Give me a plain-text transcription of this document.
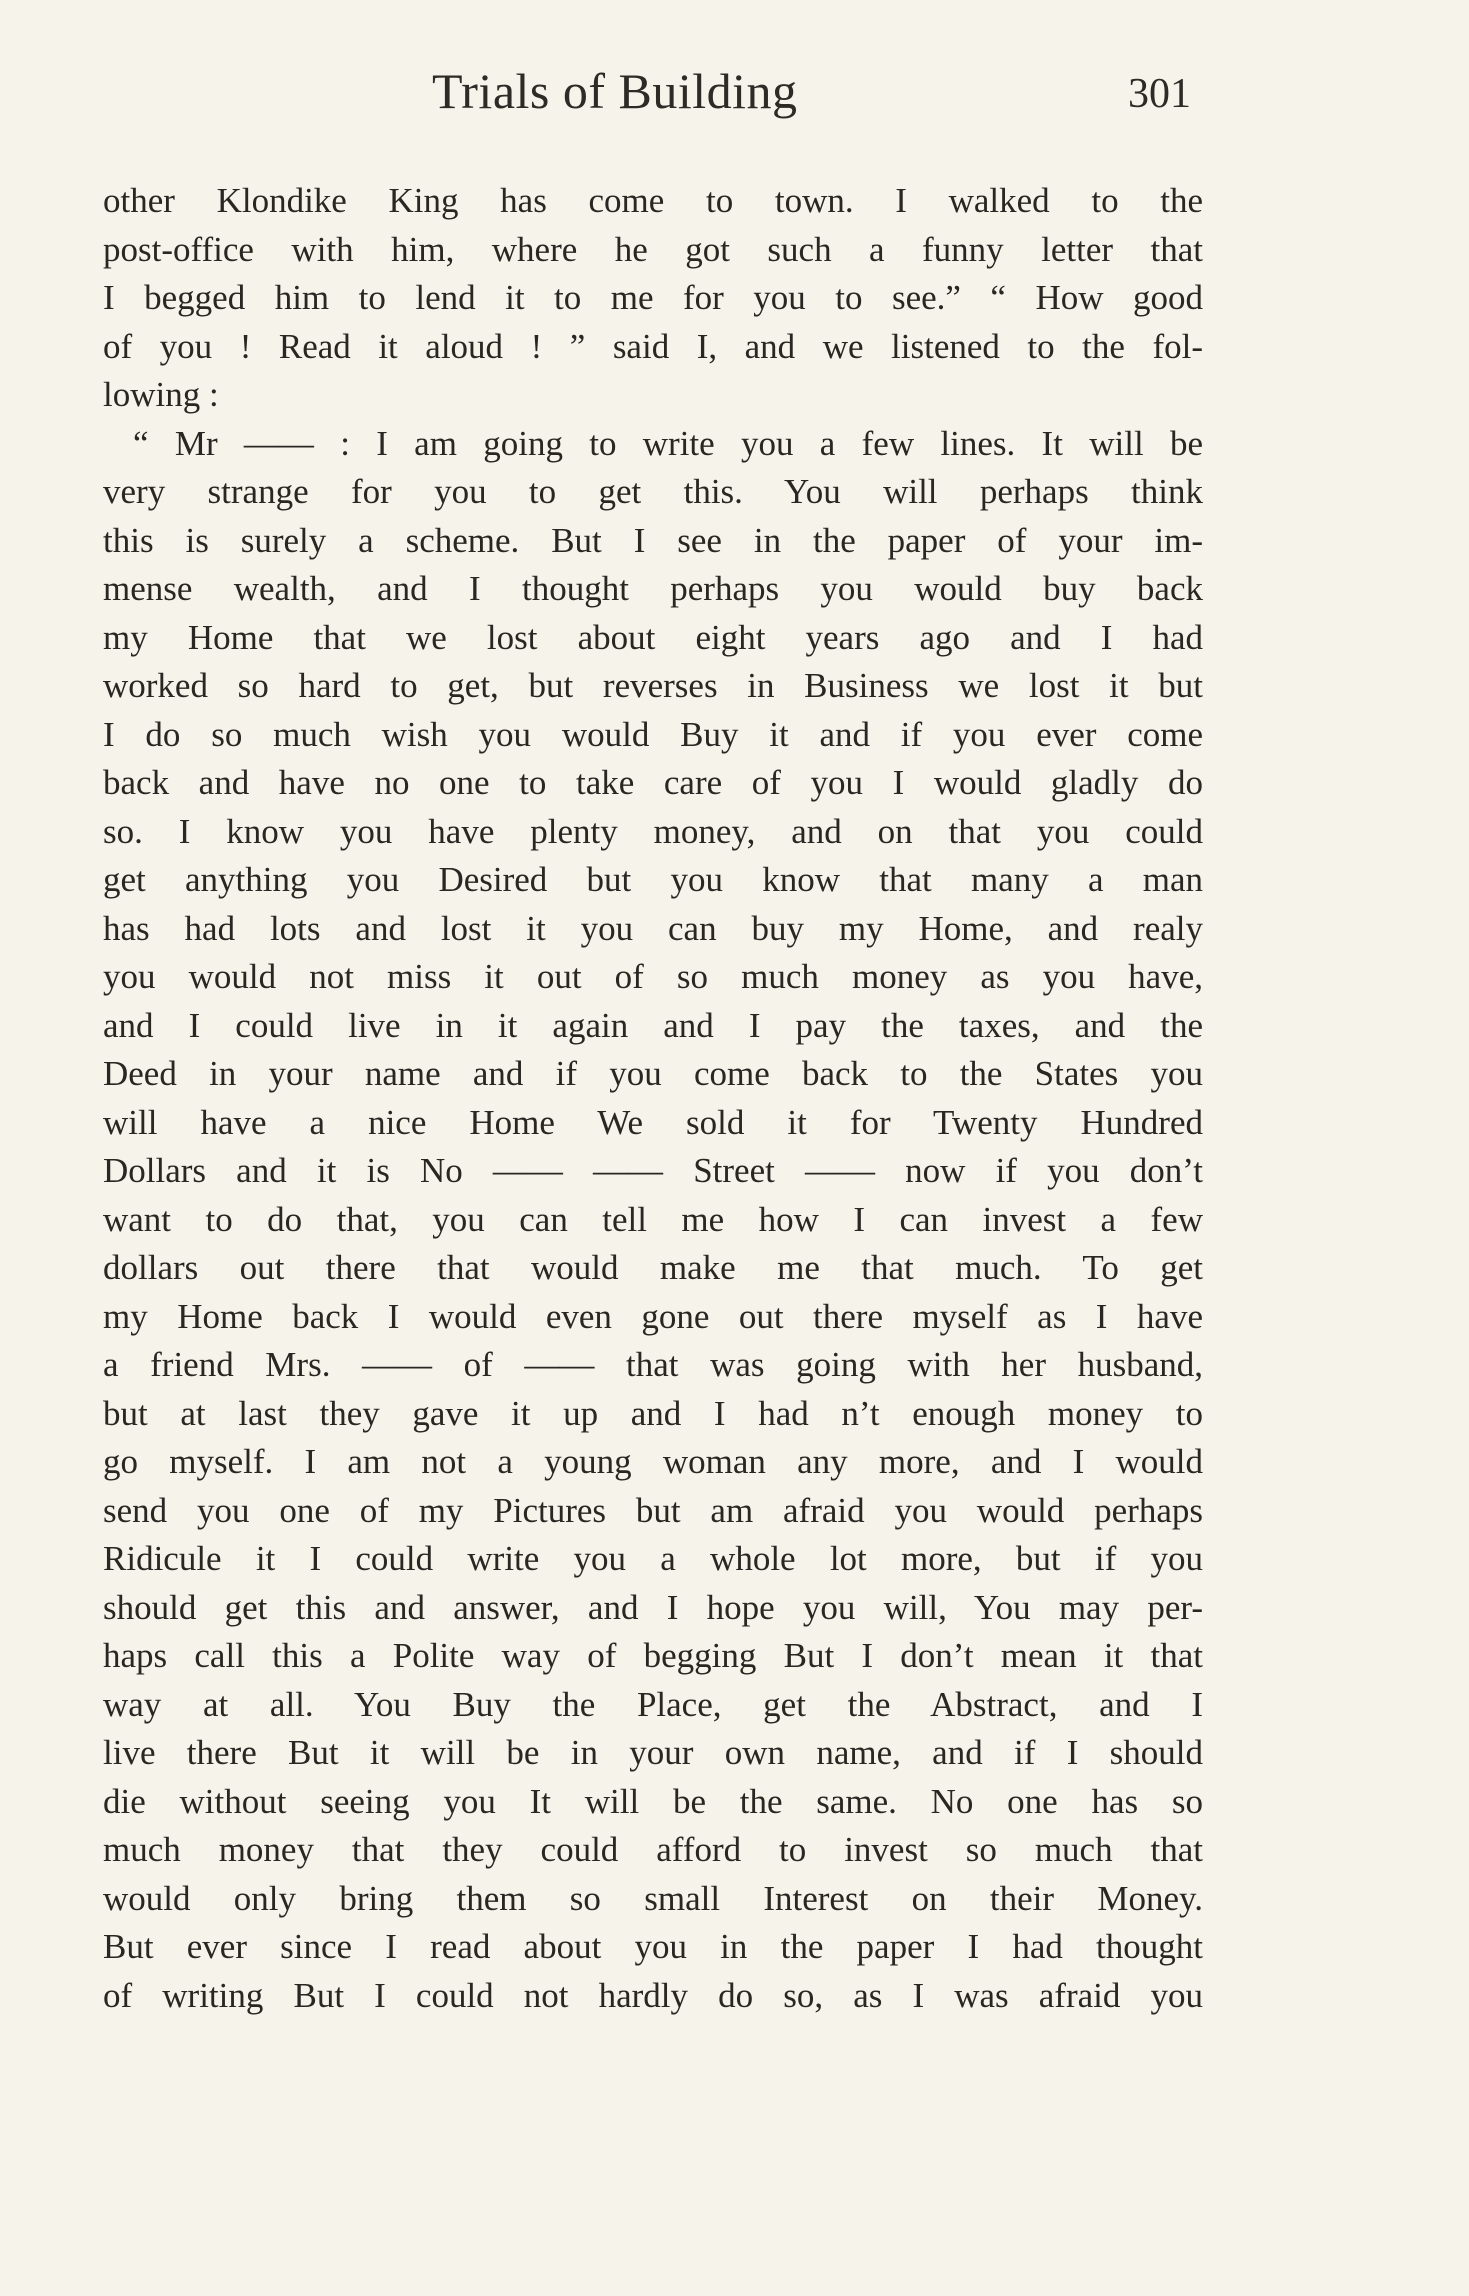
Trials of Building	301
other Klondike King has come to town. I walked to the
post-office with him, where he got such a funny letter that
I begged him to lend it to me for you to see.” “ How good
of you ! Read it aloud ! ” said I, and we listened to the fol-
lowing :
“ Mr —— : I am going to write you a few lines. It will be
very strange for you to get this. You will perhaps think
this is surely a scheme. But I see in the paper of your im-
mense wealth, and I thought perhaps you would buy back
my Home that we lost about eight years ago and I had
worked so hard to get, but reverses in Business we lost it but
I do so much wish you would Buy it and if you ever come
back and have no one to take care of you I would gladly do
so. I know you have plenty money, and on that you could
get anything you Desired but you know that many a man
has had lots and lost it you can buy my Home, and realy
you would not miss it out of so much money as you have,
and I could live in it again and I pay the taxes, and the
Deed in your name and if you come back to the States you
will have a nice Home We sold it for Twenty Hundred
Dollars and it is No —— —— Street —— now if you don’t
want to do that, you can tell me how I can invest a few
dollars out there that would make me that much. To get
my Home back I would even gone out there myself as I have
a friend Mrs. —— of —— that was going with her husband,
but at last they gave it up and I had n’t enough money to
go myself. I am not a young woman any more, and I would
send you one of my Pictures but am afraid you would perhaps
Ridicule it I could write you a whole lot more, but if you
should get this and answer, and I hope you will, You may per-
haps call this a Polite way of begging But I don’t mean it that
way at all. You Buy the Place, get the Abstract, and I
live there But it will be in your own name, and if I should
die without seeing you It will be the same. No one has so
much money that they could afford to invest so much that
would only bring them so small Interest on their Money.
But ever since I read about you in the paper I had thought
of writing But I could not hardly do so, as I was afraid you
